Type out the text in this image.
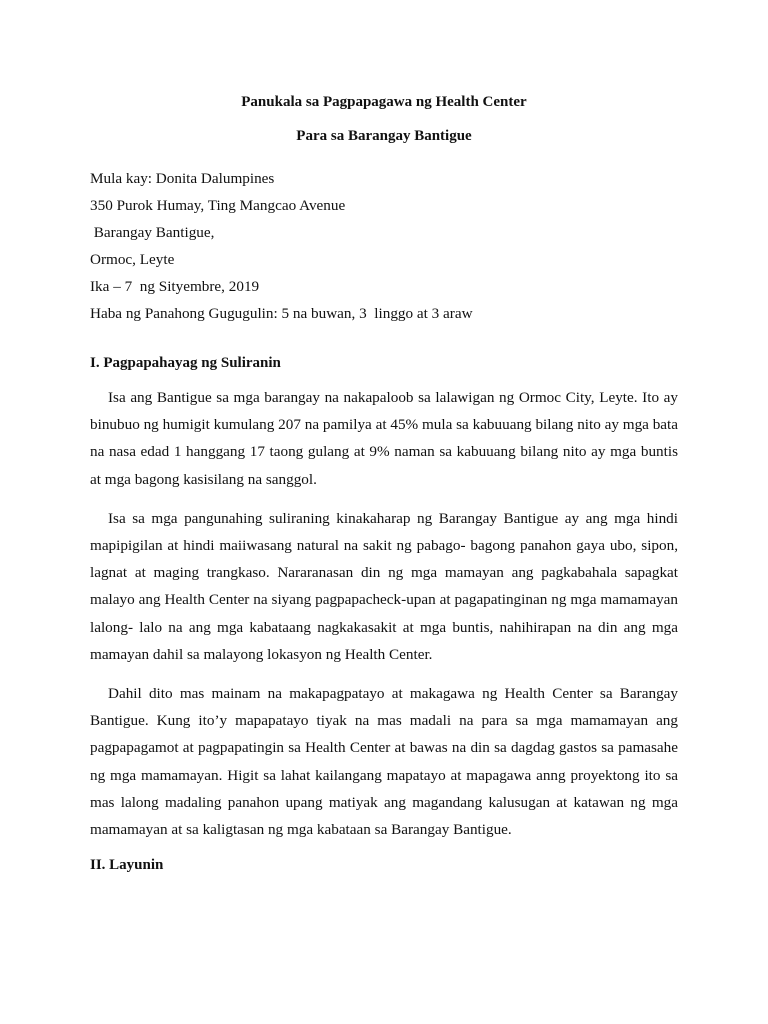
Panukala sa Pagpapagawa ng Health Center

Para sa Barangay Bantigue

Mula kay: Donita Dalumpines

350 Purok Humay, Ting Mangcao Avenue

Barangay Bantigue,

Ormoc, Leyte

Ika – 7  ng Sityembre, 2019

Haba ng Panahong Gugugulin: 5 na buwan, 3  linggo at 3 araw

I. Pagpapahayag ng Suliranin

Isa ang Bantigue sa mga barangay na nakapaloob sa lalawigan ng Ormoc City, Leyte. Ito ay binubuo ng humigit kumulang 207 na pamilya at 45% mula sa kabuuang bilang nito ay mga bata na nasa edad 1 hanggang 17 taong gulang at 9% naman sa kabuuang bilang nito ay mga buntis at mga bagong kasisilang na sanggol.

Isa sa mga pangunahing suliraning kinakaharap ng Barangay Bantigue ay ang mga hindi mapipigilan at hindi maiiwasang natural na sakit ng pabago- bagong panahon gaya ubo, sipon, lagnat at maging trangkaso. Nararanasan din ng mga mamayan ang pagkabahala sapagkat malayo ang Health Center na siyang pagpapacheck-upan at pagapatinginan ng mga mamamayan lalong- lalo na ang mga kabataang nagkakasakit at mga buntis, nahihirapan na din ang mga mamayan dahil sa malayong lokasyon ng Health Center.

Dahil dito mas mainam na makapagpatayo at makagawa ng Health Center sa Barangay Bantigue. Kung ito’y mapapatayo tiyak na mas madali na para sa mga mamamayan ang pagpapagamot at pagpapatingin sa Health Center at bawas na din sa dagdag gastos sa pamasahe ng mga mamamayan. Higit sa lahat kailangang mapatayo at mapagawa anng proyektong ito sa mas lalong madaling panahon upang matiyak ang magandang kalusugan at katawan ng mga mamamayan at sa kaligtasan ng mga kabataan sa Barangay Bantigue.

II. Layunin
